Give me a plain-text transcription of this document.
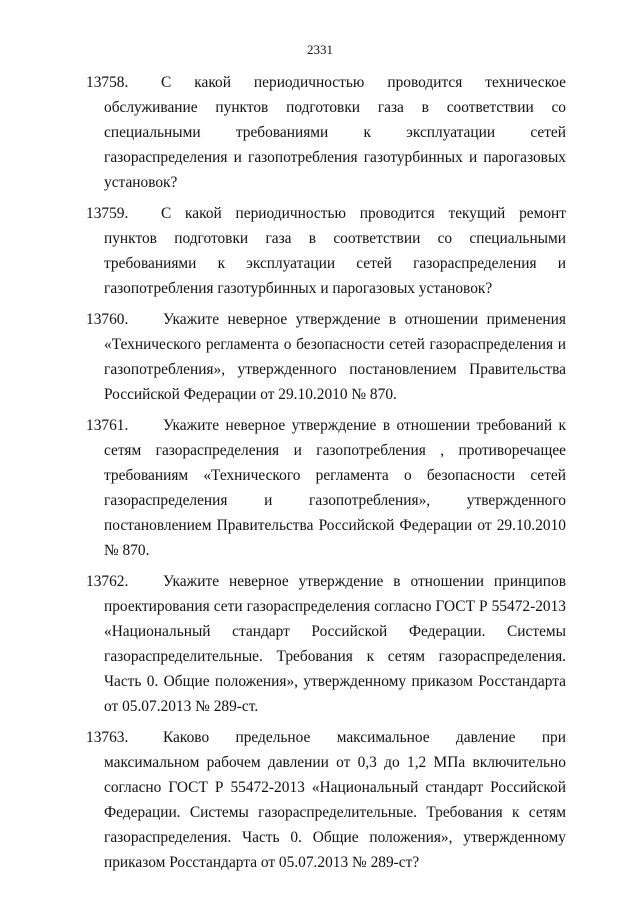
2331
13758.	С какой периодичностью проводится техническое обслуживание пунктов подготовки газа в соответствии со специальными требованиями к эксплуатации сетей газораспределения и газопотребления газотурбинных и парогазовых установок?
13759.	С какой периодичностью проводится текущий ремонт пунктов подготовки газа в соответствии со специальными требованиями к эксплуатации сетей газораспределения и газопотребления газотурбинных и парогазовых установок?
13760.	Укажите неверное утверждение в отношении применения «Технического регламента о безопасности сетей газораспределения и газопотребления», утвержденного постановлением Правительства Российской Федерации от 29.10.2010 № 870.
13761.	Укажите неверное утверждение в отношении требований к сетям газораспределения и газопотребления , противоречащее требованиям «Технического регламента о безопасности сетей газораспределения и газопотребления», утвержденного постановлением Правительства Российской Федерации от 29.10.2010 № 870.
13762.	Укажите неверное утверждение в отношении принципов проектирования сети газораспределения согласно ГОСТ Р 55472-2013 «Национальный стандарт Российской Федерации. Системы газораспределительные. Требования к сетям газораспределения. Часть 0. Общие положения», утвержденному приказом Росстандарта от 05.07.2013 № 289-ст.
13763.	Каково предельное максимальное давление при максимальном рабочем давлении от 0,3 до 1,2 МПа включительно согласно ГОСТ Р 55472-2013 «Национальный стандарт Российской Федерации. Системы газораспределительные. Требования к сетям газораспределения. Часть 0. Общие положения», утвержденному приказом Росстандарта от 05.07.2013 № 289-ст?
